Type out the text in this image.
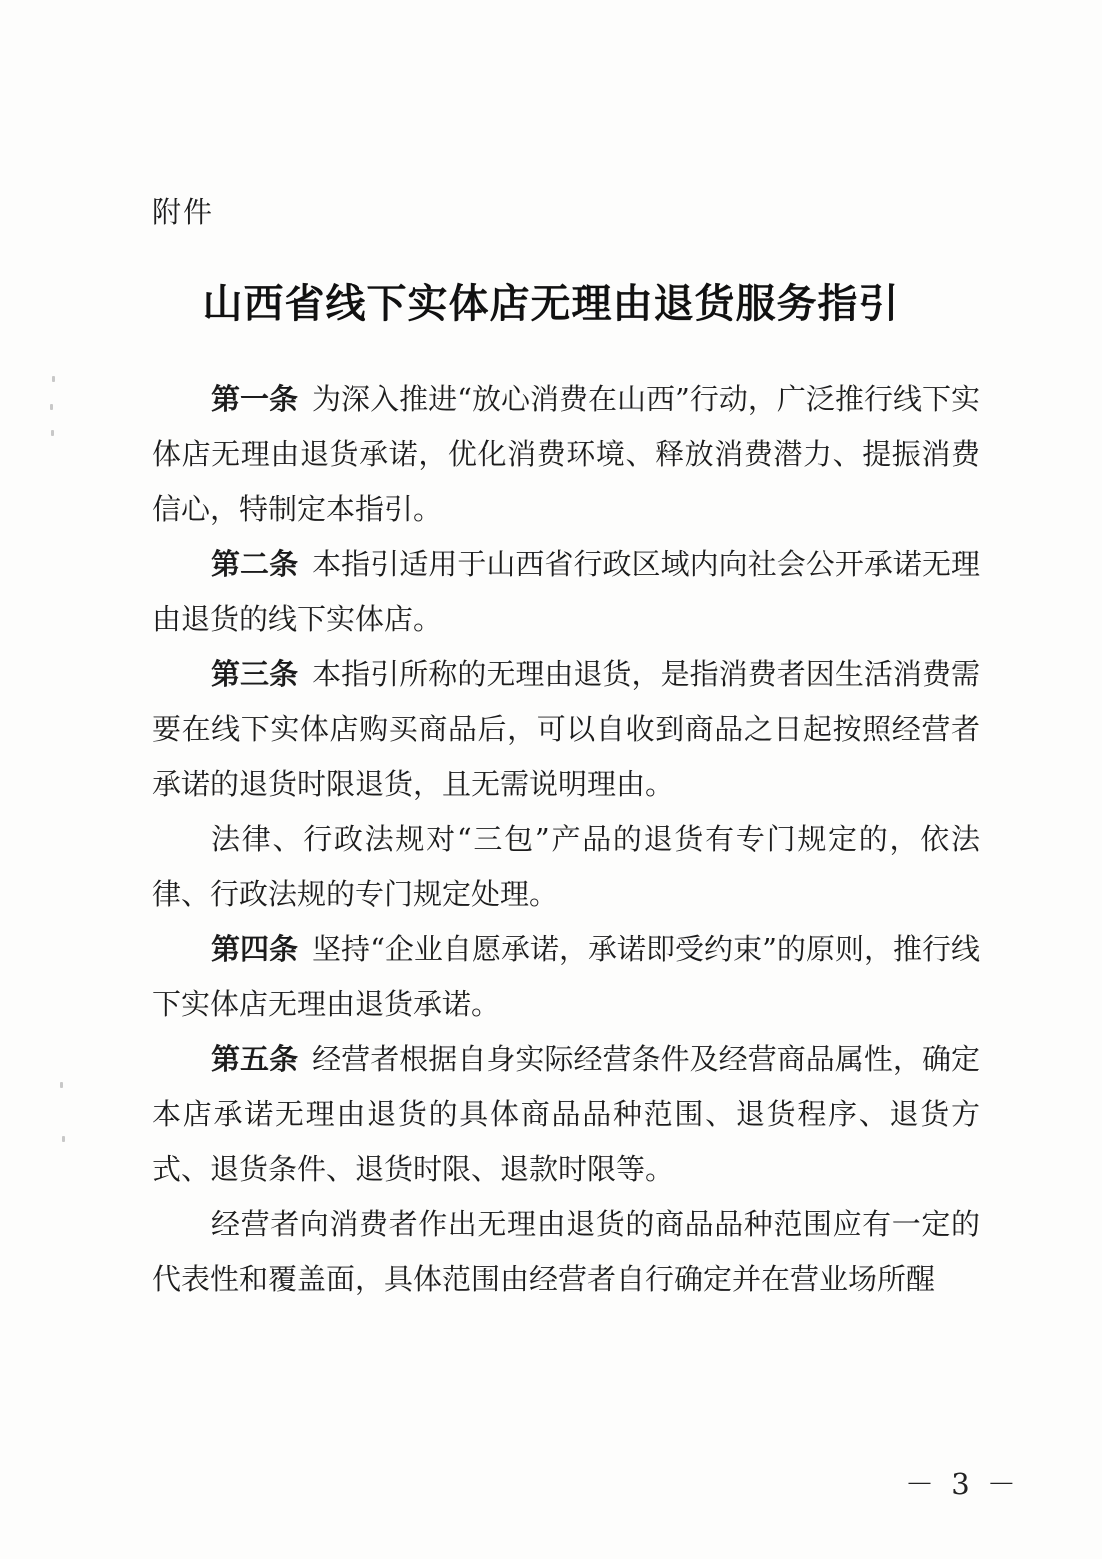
附件
山西省线下实体店无理由退货服务指引

第一条 为深入推进“放心消费在山西”行动，广泛推行线下实体店无理由退货承诺，优化消费环境、释放消费潜力、提振消费信心，特制定本指引。

第二条 本指引适用于山西省行政区域内向社会公开承诺无理由退货的线下实体店。

第三条 本指引所称的无理由退货，是指消费者因生活消费需要在线下实体店购买商品后，可以自收到商品之日起按照经营者承诺的退货时限退货，且无需说明理由。

法律、行政法规对“三包”产品的退货有专门规定的，依法律、行政法规的专门规定处理。

第四条 坚持“企业自愿承诺，承诺即受约束”的原则，推行线下实体店无理由退货承诺。

第五条 经营者根据自身实际经营条件及经营商品属性，确定本店承诺无理由退货的具体商品品种范围、退货程序、退货方式、退货条件、退货时限、退款时限等。

经营者向消费者作出无理由退货的商品品种范围应有一定的代表性和覆盖面，具体范围由经营者自行确定并在营业场所醒

－ 3 －
